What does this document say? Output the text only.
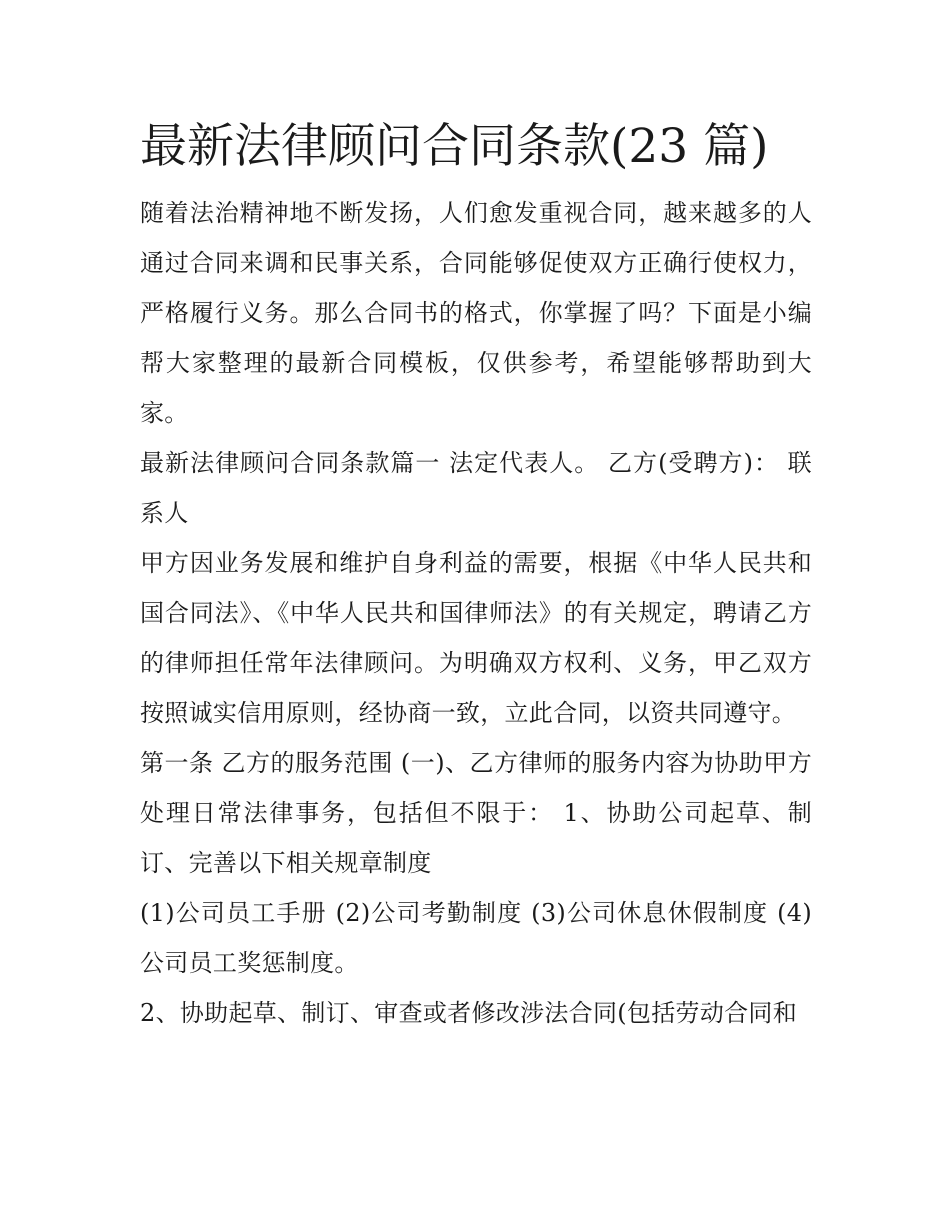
最新法律顾问合同条款(23 篇)

随着法治精神地不断发扬，人们愈发重视合同，越来越多的人通过合同来调和民事关系，合同能够促使双方正确行使权力，严格履行义务。那么合同书的格式，你掌握了吗？下面是小编帮大家整理的最新合同模板，仅供参考，希望能够帮助到大家。

最新法律顾问合同条款篇一 法定代表人。 乙方(受聘方)： 联系人

甲方因业务发展和维护自身利益的需要，根据《中华人民共和国合同法》、《中华人民共和国律师法》的有关规定，聘请乙方的律师担任常年法律顾问。为明确双方权利、义务，甲乙双方按照诚实信用原则，经协商一致，立此合同，以资共同遵守。

第一条 乙方的服务范围 (一)、乙方律师的服务内容为协助甲方处理日常法律事务，包括但不限于： 1、协助公司起草、制订、完善以下相关规章制度

(1)公司员工手册 (2)公司考勤制度 (3)公司休息休假制度 (4)公司员工奖惩制度。

2、协助起草、制订、审查或者修改涉法合同(包括劳动合同和
